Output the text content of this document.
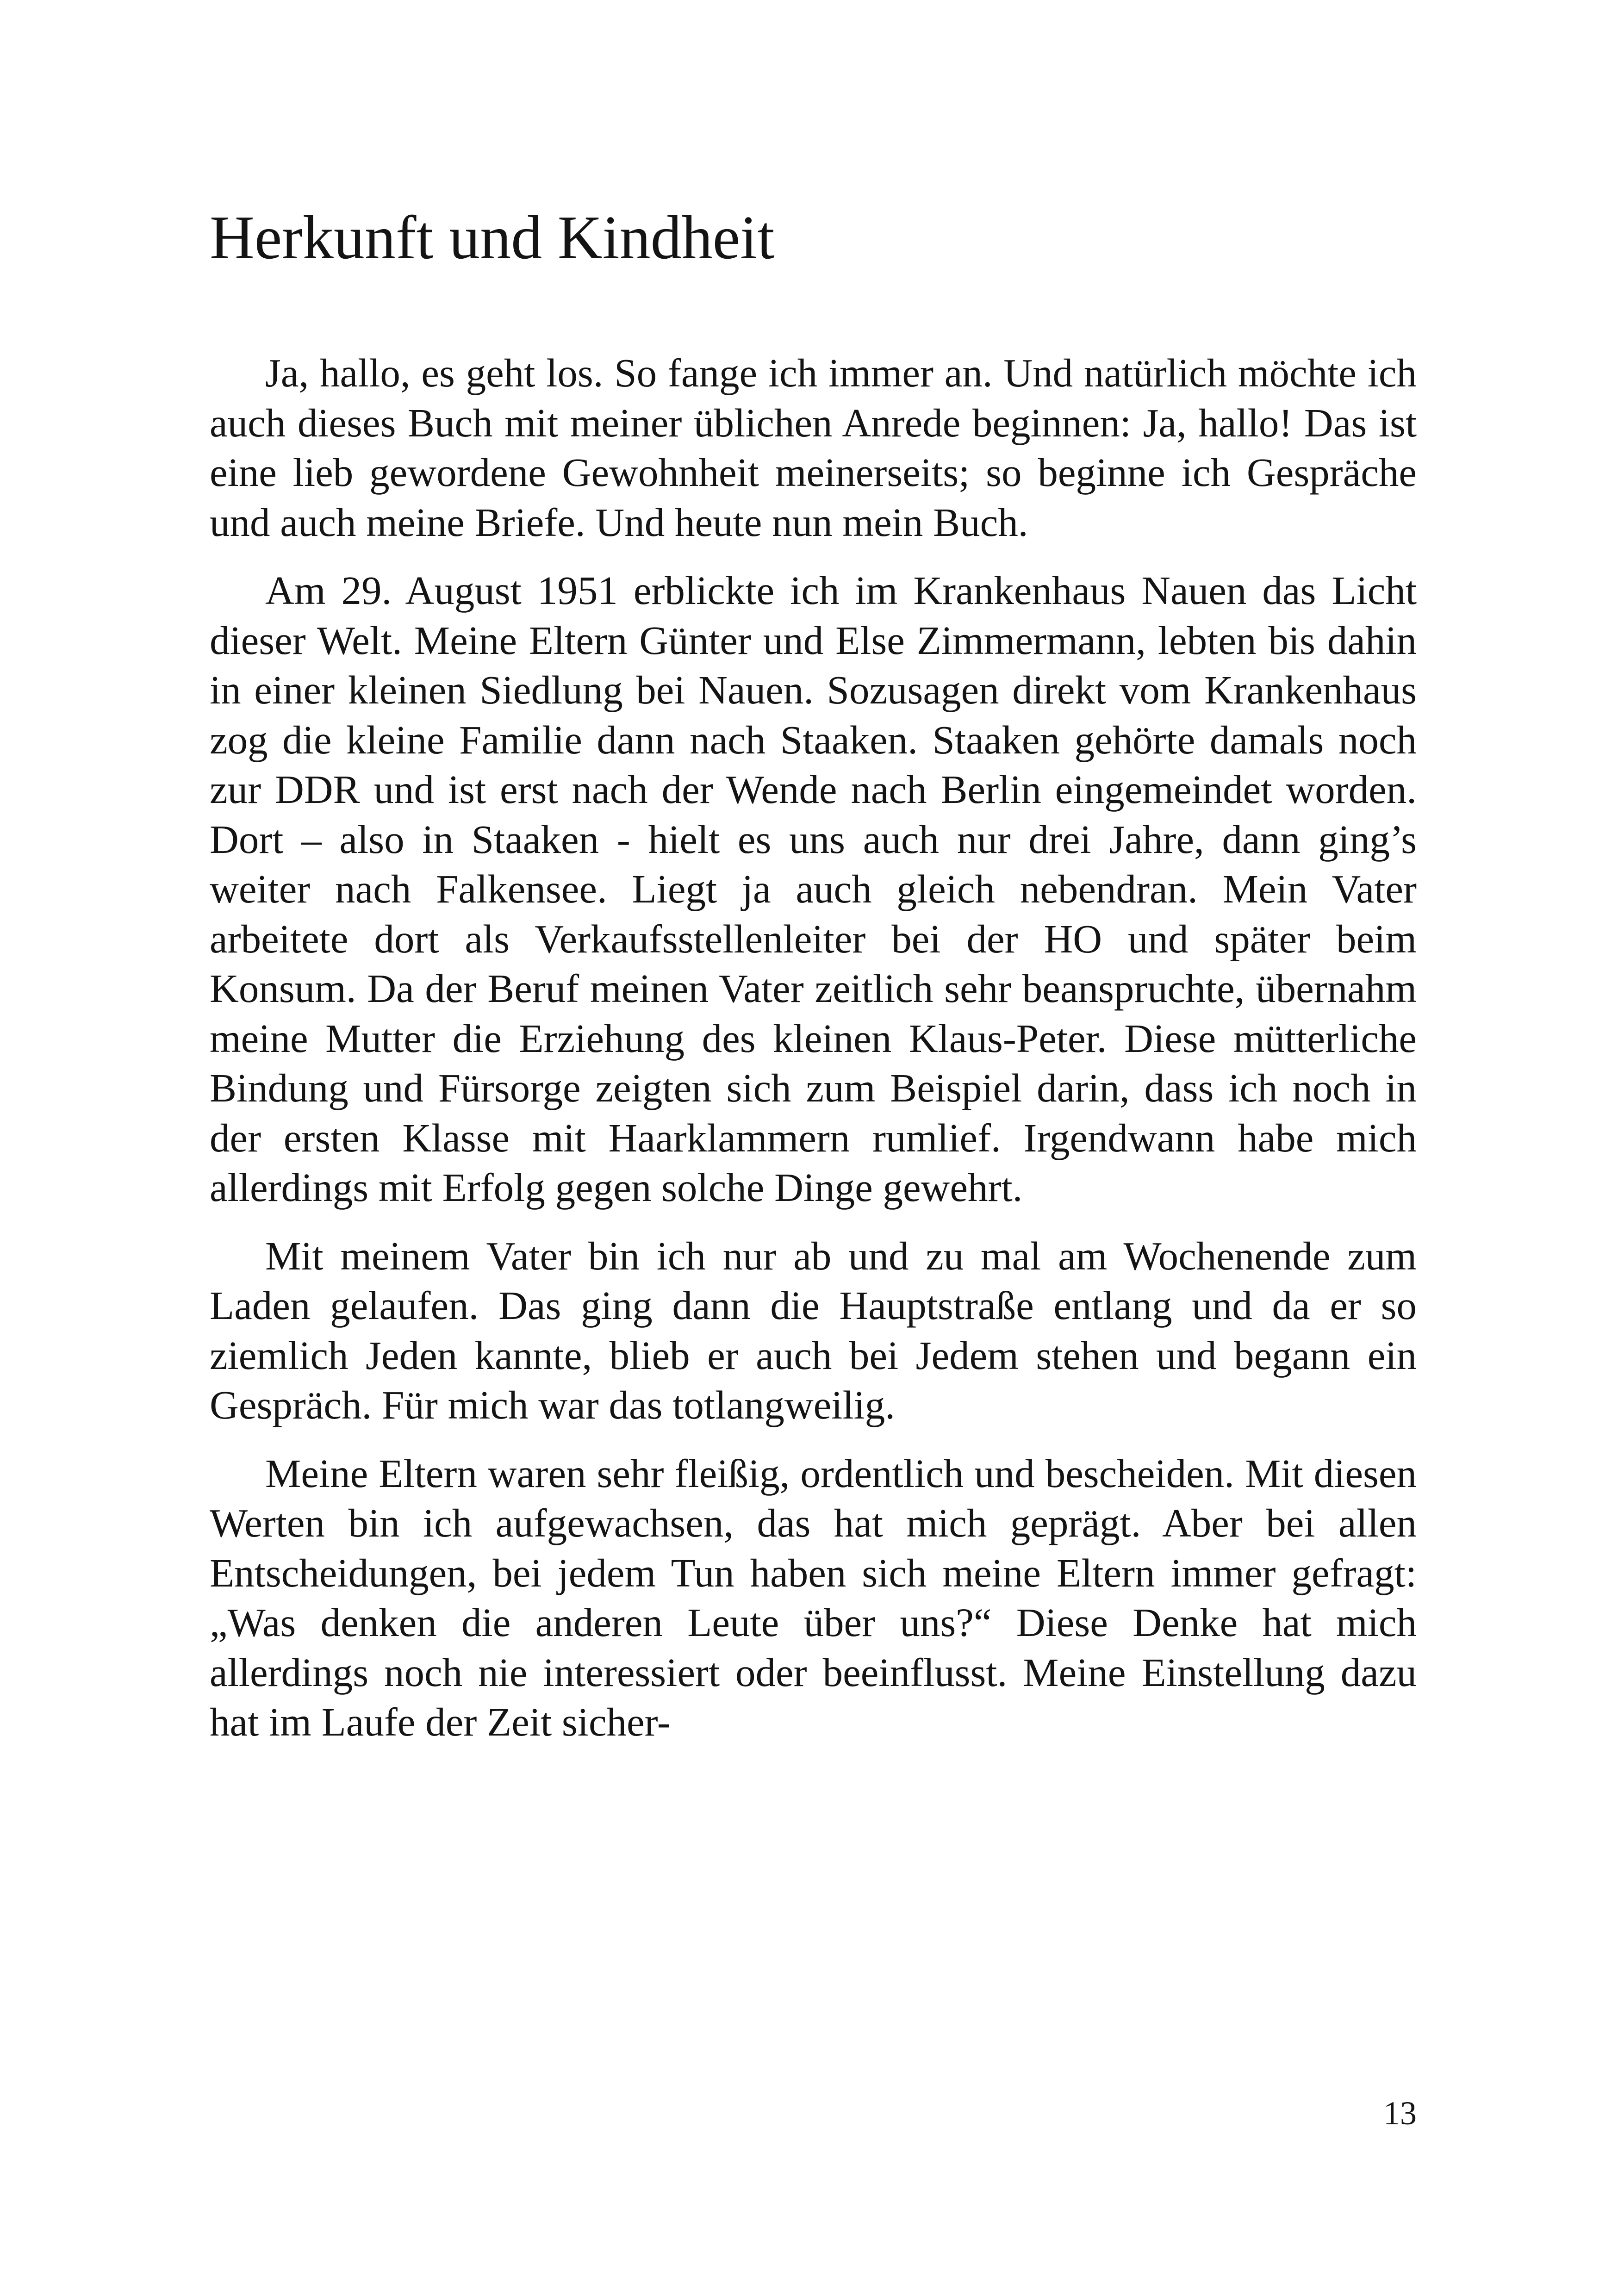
Herkunft und Kindheit

Ja, hallo, es geht los. So fange ich immer an. Und natürlich möchte ich auch dieses Buch mit meiner üblichen Anrede beginnen: Ja, hallo! Das ist eine lieb gewordene Gewohnheit meinerseits; so beginne ich Gespräche und auch meine Briefe. Und heute nun mein Buch.

Am 29. August 1951 erblickte ich im Krankenhaus Nauen das Licht dieser Welt. Meine Eltern Günter und Else Zimmermann, lebten bis dahin in einer kleinen Siedlung bei Nauen. Sozusagen direkt vom Krankenhaus zog die kleine Familie dann nach Staaken. Staaken gehörte damals noch zur DDR und ist erst nach der Wende nach Berlin eingemeindet worden. Dort – also in Staaken - hielt es uns auch nur drei Jahre, dann ging’s weiter nach Falkensee. Liegt ja auch gleich nebendran. Mein Vater arbeitete dort als Verkaufsstellenleiter bei der HO und später beim Konsum. Da der Beruf meinen Vater zeitlich sehr beanspruchte, übernahm meine Mutter die Erziehung des kleinen Klaus-Peter. Diese mütterliche Bindung und Fürsorge zeigten sich zum Beispiel darin, dass ich noch in der ersten Klasse mit Haarklammern rumlief. Irgendwann habe mich allerdings mit Erfolg gegen solche Dinge gewehrt.

Mit meinem Vater bin ich nur ab und zu mal am Wochenende zum Laden gelaufen. Das ging dann die Hauptstraße entlang und da er so ziemlich Jeden kannte, blieb er auch bei Jedem stehen und begann ein Gespräch. Für mich war das totlangweilig.

Meine Eltern waren sehr fleißig, ordentlich und bescheiden. Mit diesen Werten bin ich aufgewachsen, das hat mich geprägt. Aber bei allen Entscheidungen, bei jedem Tun haben sich meine Eltern immer gefragt: „Was denken die anderen Leute über uns?“ Diese Denke hat mich allerdings noch nie interessiert oder beeinflusst. Meine Einstellung dazu hat im Laufe der Zeit sicher-

13
